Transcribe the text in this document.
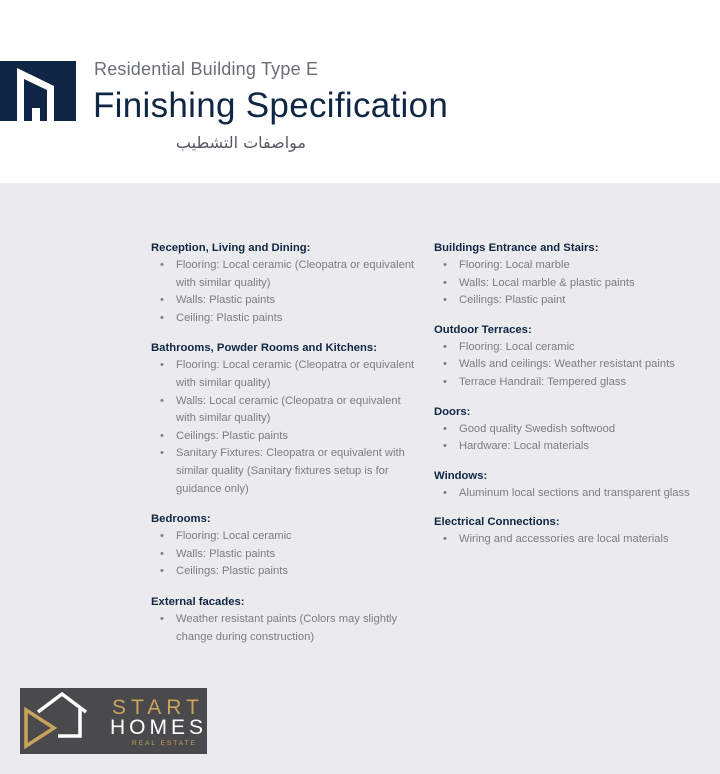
Residential Building Type E
Finishing Specification
مواصفات التشطيب
Reception, Living and Dining:
• Flooring: Local ceramic (Cleopatra or equivalent with similar quality)
• Walls: Plastic paints
• Ceiling: Plastic paints
Bathrooms, Powder Rooms and Kitchens:
• Flooring: Local ceramic (Cleopatra or equivalent with similar quality)
• Walls: Local ceramic (Cleopatra or equivalent with similar quality)
• Ceilings: Plastic paints
• Sanitary Fixtures: Cleopatra or equivalent with similar quality (Sanitary fixtures setup is for guidance only)
Bedrooms:
• Flooring: Local ceramic
• Walls: Plastic paints
• Ceilings: Plastic paints
External facades:
• Weather resistant paints (Colors may slightly change during construction)
Buildings Entrance and Stairs:
• Flooring: Local marble
• Walls: Local marble & plastic paints
• Ceilings: Plastic paint
Outdoor Terraces:
• Flooring: Local ceramic
• Walls and ceilings: Weather resistant paints
• Terrace Handrail: Tempered glass
Doors:
• Good quality Swedish softwood
• Hardware: Local materials
Windows:
• Aluminum local sections and transparent glass
Electrical Connections:
• Wiring and accessories are local materials
START
HOMES
REAL ESTATE
